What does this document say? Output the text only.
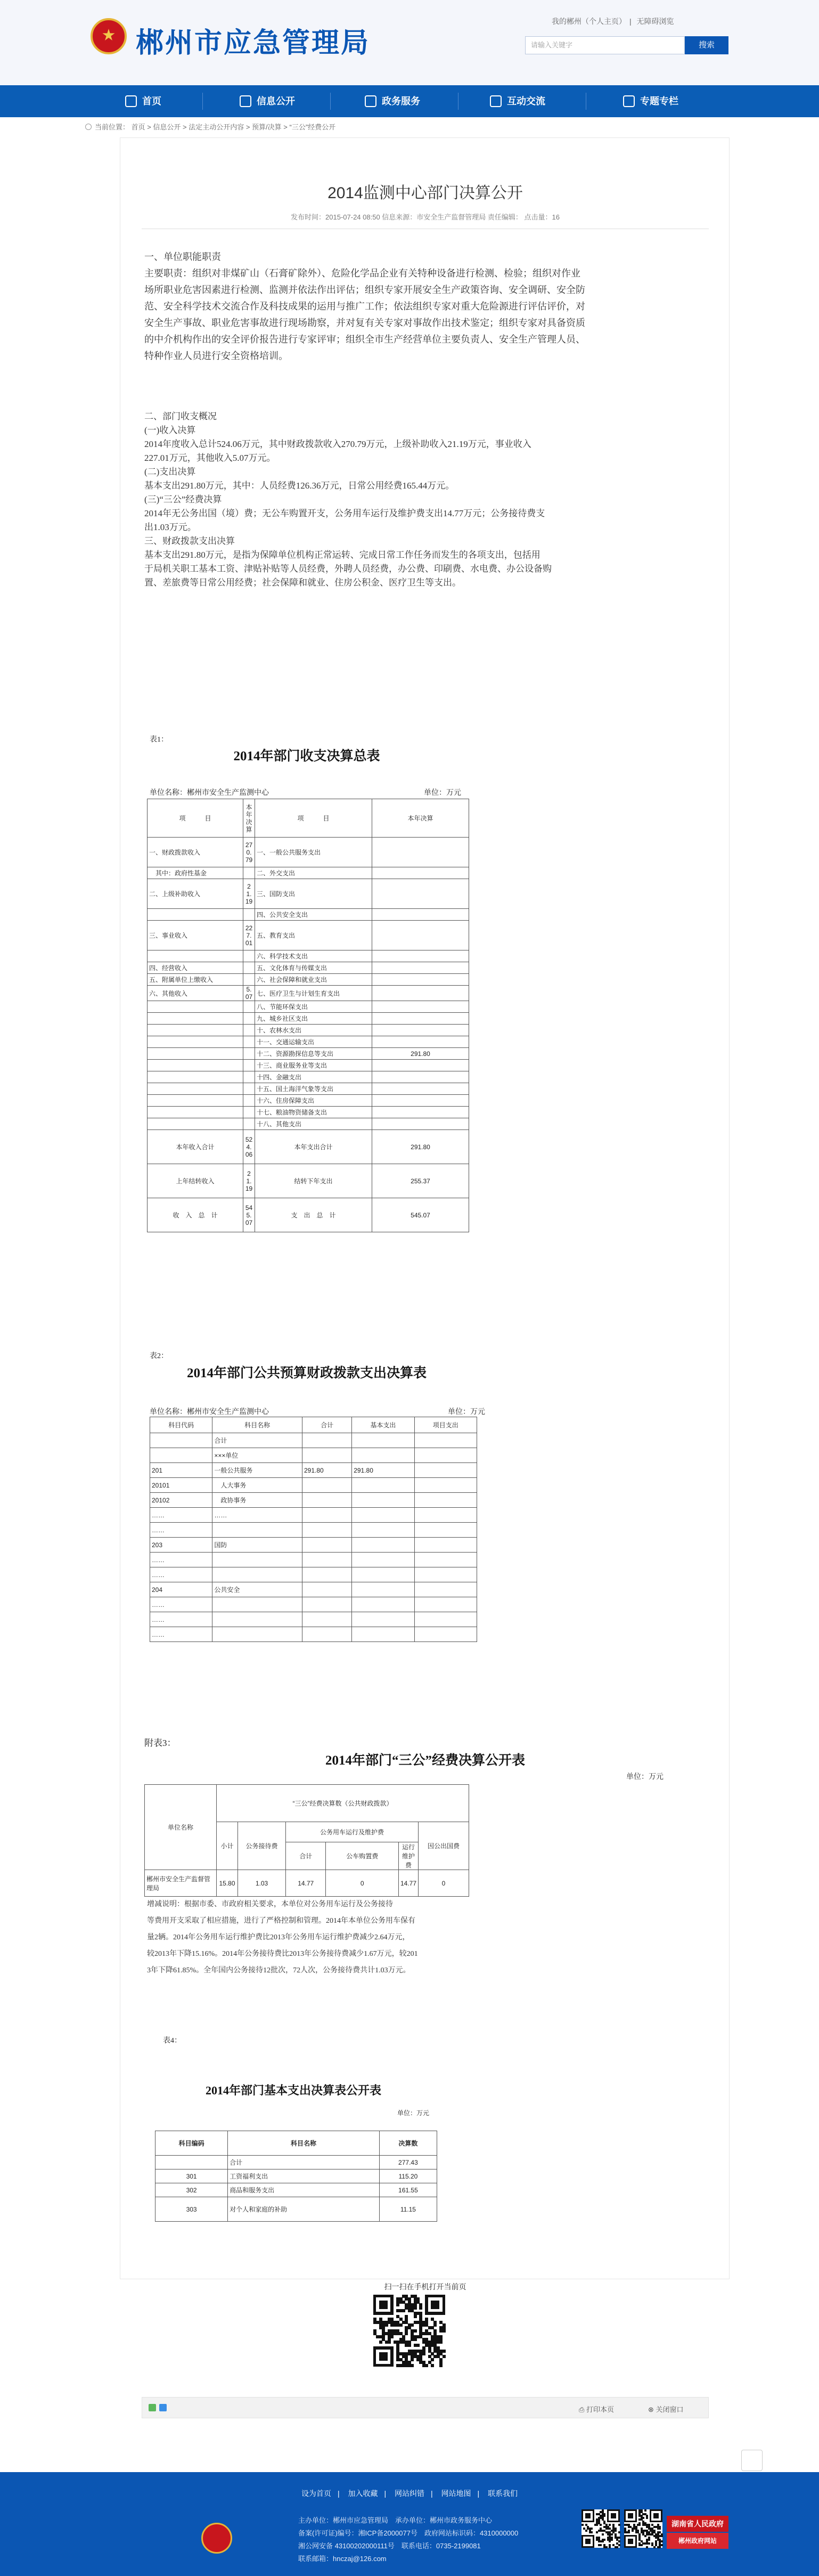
郴州市应急管理局
我的郴州（个人主页） | 无障碍浏览
请输入关键字	搜索
首页	信息公开	政务服务	互动交流	专题专栏
当前位置： 首页 > 信息公开 > 法定主动公开内容 > 预算/决算 > “三公”经费公开
2014监测中心部门决算公开
发布时间：2015-07-24 08:50 信息来源：市安全生产监督管理局 责任编辑： 点击量：16
一、单位职能职责
主要职责：组织对非煤矿山（石膏矿除外）、危险化学品企业有关特种设备进行检测、检验；组织对作业
场所职业危害因素进行检测、监测并依法作出评估；组织专家开展安全生产政策咨询、安全调研、安全防
范、安全科学技术交流合作及科技成果的运用与推广工作；依法组织专家对重大危险源进行评估评价，对
安全生产事故、职业危害事故进行现场勘察，并对复有关专家对事故作出技术鉴定；组织专家对具备资质
的中介机构作出的安全评价报告进行专家评审；组织全市生产经营单位主要负责人、安全生产管理人员、
特种作业人员进行安全资格培训。
二、部门收支概况
(一)收入决算
2014年度收入总计524.06万元，其中财政拨款收入270.79万元，上级补助收入21.19万元，事业收入
227.01万元，其他收入5.07万元。
(二)支出决算
基本支出291.80万元，其中：人员经费126.36万元，日常公用经费165.44万元。
(三)“三公”经费决算
2014年无公务出国（境）费；无公车购置开支，公务用车运行及维护费支出14.77万元；公务接待费支
出1.03万元。
三、财政拨款支出决算
基本支出291.80万元，是指为保障单位机构正常运转、完成日常工作任务而发生的各项支出，包括用
于局机关职工基本工资、津贴补贴等人员经费，外聘人员经费，办公费、印刷费、水电费、办公设备购
置、差旅费等日常公用经费；社会保障和就业、住房公积金、医疗卫生等支出。
表1：
2014年部门收支决算总表
单位名称：郴州市安全生产监测中心	单位：万元
项　　　目	本年决算	项　　　目	本年决算
一、财政拨款收入	270.79	一、一般公共服务支出	
　其中：政府性基金		二、外交支出	
二、上级补助收入	21.19	三、国防支出	
		四、公共安全支出	
三、事业收入	227.01	五、教育支出	
		六、科学技术支出	
四、经营收入		五、文化体育与传媒支出	
五、附属单位上缴收入		六、社会保障和就业支出	
六、其他收入	5.07	七、医疗卫生与计划生育支出	
		八、节能环保支出	
		九、城乡社区支出	
		十、农林水支出	
		十一、交通运输支出	
		十二、资源勘探信息等支出	291.80
		十三、商业服务业等支出	
		十四、金融支出	
		十五、国土海洋气象等支出	
		十六、住房保障支出	
		十七、粮油物资储备支出	
		十八、其他支出	
本年收入合计	524.06	本年支出合计	291.80
上年结转收入	21.19	结转下年支出	255.37
收　入　总　计	545.07	支　出　总　计	545.07
表2：
2014年部门公共预算财政拨款支出决算表
单位名称：郴州市安全生产监测中心	单位：万元
科目代码	科目名称	合计	基本支出	项目支出
	合计			
	×××单位			
201	一般公共服务	291.80	291.80	
20101	　人大事务			
20102	　政协事务			
……	……			
……				
203	国防			
……				
……				
204	公共安全			
……				
……				
……				
附表3：
2014年部门“三公”经费决算公开表
单位：万元
单位名称	“三公”经费决算数（公共财政拨款）					
	小计	公务接待费	公务用车运行及维护费			因公出国费
			合计	公车购置费	运行维护费	
郴州市安全生产监督管理局	15.80	1.03	14.77	0	14.77	0
增减说明：根据市委、市政府相关要求，本单位对公务用车运行及公务接待
等费用开支采取了相应措施，进行了严格控制和管理。2014年本单位公务用车保有
量2辆。2014年公务用车运行维护费比2013年公务用车运行维护费减少2.64万元，
较2013年下降15.16%。2014年公务接待费比2013年公务接待费减少1.67万元，较201
3年下降61.85%。全年国内公务接待12批次，72人次，公务接待费共计1.03万元。
表4：
2014年部门基本支出决算表公开表
单位：万元
科目编码	科目名称	决算数
	合计	277.43
301	工资福利支出	115.20
302	商品和服务支出	161.55
303	对个人和家庭的补助	11.15
扫一扫在手机打开当前页
⎙ 打印本页	⊗ 关闭窗口
设为首页 | 加入收藏 | 网站纠错 | 网站地图 | 联系我们
主办单位：郴州市应急管理局　承办单位：郴州市政务服务中心
备案(许可证)编号：湘ICP备2000077号　政府网站标识码：4310000000
湘公网安备 43100202000111号　联系电话：0735-2199081
联系邮箱：hnczaj@126.com
湖南省人民政府
郴州政府网站
